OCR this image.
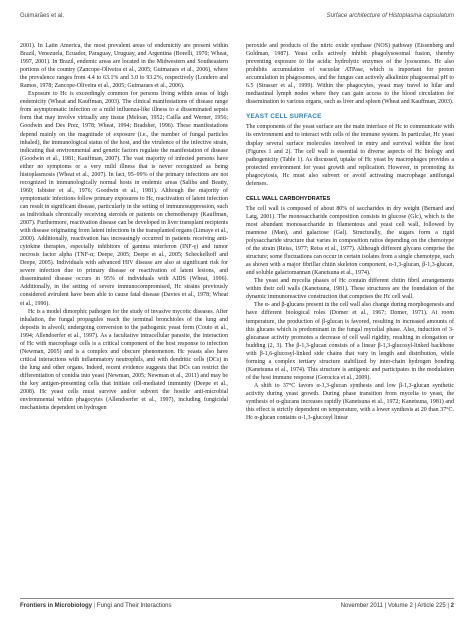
Guimarães et al.	Surface architecture of Histoplasma capsulatum

2001). In Latin America, the most prevalent areas of endemicity are present within Brazil, Venezuela, Ecuador, Paraguay, Uruguay, and Argentina (Borelli, 1970; Wheat, 1997, 2001). In Brazil, endemic areas are located in the Midwestern and Southeastern portions of the country (Zancope-Oliveira et al., 2005; Guimaraes et al., 2006), where the prevalence ranges from 4.4 to 63.1% and 3.0 to 93.2%, respectively (Londero and Ramos, 1978; Zancope-Oliveira et al., 2005; Guimaraes et al., 2006).

Exposure to Hc is exceedingly common for persons living within areas of high endemicity (Wheat and Kauffman, 2003). The clinical manifestations of disease range from asymptomatic infection or a mild influenza-like illness to a disseminated sepsis form that may involve virtually any tissue (Meloan, 1952; Cailla and Werner, 1956; Goodwin and Des Prez, 1978; Wheat, 1994; Bradsher, 1996). These manifestations depend mainly on the magnitude of exposure (i.e., the number of fungal particles inhaled), the immunological status of the host, and the virulence of the infective strain, indicating that environmental and genetic factors regulate the manifestation of disease (Goodwin et al., 1981; Kauffman, 2007). The vast majority of infected persons have either no symptoms or a very mild illness that is never recognized as being histoplasmosis (Wheat et al., 2007). In fact, 95–99% of the primary infections are not recognized in immunologically normal hosts in endemic areas (Saliba and Beatty, 1960; Isbister et al., 1976; Goodwin et al., 1981). Although the majority of symptomatic infections follow primary exposures to Hc, reactivation of latent infection can result in significant disease, particularly in the setting of immunosuppression, such as individuals chronically receiving steroids or patients on chemotherapy (Kauffman, 2007). Furthermore, reactivation disease can be developed in liver transplant recipients with disease originating from latent infections in the transplanted organs (Limaye et al., 2000). Additionally, reactivation has increasingly occurred in patients receiving anti-cytokine therapies, especially inhibitors of gamma interferon (INF-γ) and tumor necrosis factor alpha (TNF-α; Deepe, 2005; Deepe et al., 2005; Scheckelhoff and Deepe, 2005). Individuals with advanced HIV disease are also at significant risk for severe infection due to primary disease or reactivation of latent lesions, and disseminated disease occurs in 95% of individuals with AIDS (Wheat, 1996). Additionally, in the setting of severe immunocompromised, Hc strains previously considered avirulent have been able to cause fatal disease (Davies et al., 1978; Wheat et al., 1990).

Hc is a model dimorphic pathogen for the study of invasive mycotic diseases. After inhalation, the fungal propagules reach the terminal bronchioles of the lung and deposits in alveoli, undergoing conversion to the pathogenic yeast form (Couto et al., 1994; Allendoerfer et al., 1997). As a facultative intracellular parasite, the interaction of Hc with macrophage cells is a critical component of the host response to infection (Newman, 2005) and is a complex and obscure phenomenon. Hc yeasts also have critical interactions with inflammatory neutrophils, and with dendritic cells (DCs) in the lung and other organs. Indeed, recent evidence suggests that DCs can restrict the differentiation of conidia into yeast (Newman, 2005; Newman et al., 2011) and may be the key antigen-presenting cells that initiate cell-mediated immunity (Deepe et al., 2008). Hc yeast cells must survive and/or subvert the hostile anti-microbial environmental within phagocytes (Allendoerfer et al., 1997), including fungicidal mechanisms dependent on hydrogen

peroxide and products of the nitric oxide synthase (NOS) pathway (Eissenberg and Goldman, 1987). Yeast cells actively inhibit phagolysosomal fusion, thereby preventing exposure to the acidic hydrolytic enzymes of the lysosomes. Hc also prohibits accumulation of vacuolar ATPase, which is important for proton accumulation in phagosomes, and the fungus can actively alkalinize phagosomal pH to 6.5 (Strasser et al., 1999). Within the phagocytes, yeast may travel to hilar and mediastinal lymph nodes where they can gain access to the blood circulation for dissemination to various organs, such as liver and spleen (Wheat and Kauffman, 2003).

YEAST CELL SURFACE

The components of the yeast surface are the main interface of Hc to communicate with its environment and to interact with cells of the immune system. In particular, Hc yeast display several surface molecules involved in entry and survival within the host (Figures 1 and 2). The cell wall is essential to diverse aspects of Hc biology and pathogenicity (Table 1). As discussed, uptake of Hc yeast by macrophages provides a protected environment for yeast growth and replication. However, in promoting its phagocytosis, Hc must also subvert or avoid activating macrophage antifungal defenses.

CELL WALL CARBOHYDRATES

The cell wall is composed of about 80% of saccharides in dry weight (Bernard and Latg, 2001). The monosaccharide composition consists in glucose (Glc), which is the most abundant monosaccharide in filamentous and yeast cell wall, followed by mannose (Man), and galactose (Gal). Structurally, the sugars form a rigid polysaccharide structure that varies in composition ratios depending on the chemotype of the strain (Reiss, 1977; Reiss et al., 1977). Although different glycans comprise the structure; some fluctuations can occur in certain isolates from a single chemotype, such as shown with a major fibrillar chitin skeleton component, α-1,3-glucan, β-1,3-glucan, and soluble galactomannan (Kanetsuna et al., 1974).

The yeast and mycelia phases of Hc contain different chitin fibril arrangements within their cell walls (Kanetsuna, 1981). These structures are the foundation of the dynamic immunoreactive construction that comprises the Hc cell wall.

The α- and β-glucans present in the cell wall also change during morphogenesis and have different biological roles (Domer et al., 1967; Domer, 1971). At room temperature, the production of β-glucan is favored, resulting in increased amounts of this glucans which is predominant in the fungal mycelial phase. Also, induction of 3-glucanase activity promotes a decrease of cell wall rigidity, resulting in elongation or budding (2, 3). The β-1,3-glucan consists of a linear β-1,3-glucosyl-linked backbone with β-1,6-glucosyl-linked side chains that vary in length and distribution, while forming a complex tertiary structure stabilized by inter-chain hydrogen bonding (Kanetsuna et al., 1974). This structure is antigenic and participates in the modulation of the host immune response (Gorocica et al., 2009).

A shift to 37°C favors α-1,3-glucan synthesis and low β-1,3-glucan synthetic activity during yeast growth. During phase transition from mycelia to yeast, the synthesis of α-glucans increases rapidly (Kanetsuna et al., 1972; Kanetsuna, 1981) and this effect is strictly dependent on temperature, with a lower synthesis at 20 than 37°C. Hc α-glucan contains α-1,3-glucosyl linear

Frontiers in Microbiology | Fungi and Their Interactions	November 2011 | Volume 2 | Article 225 | 2
